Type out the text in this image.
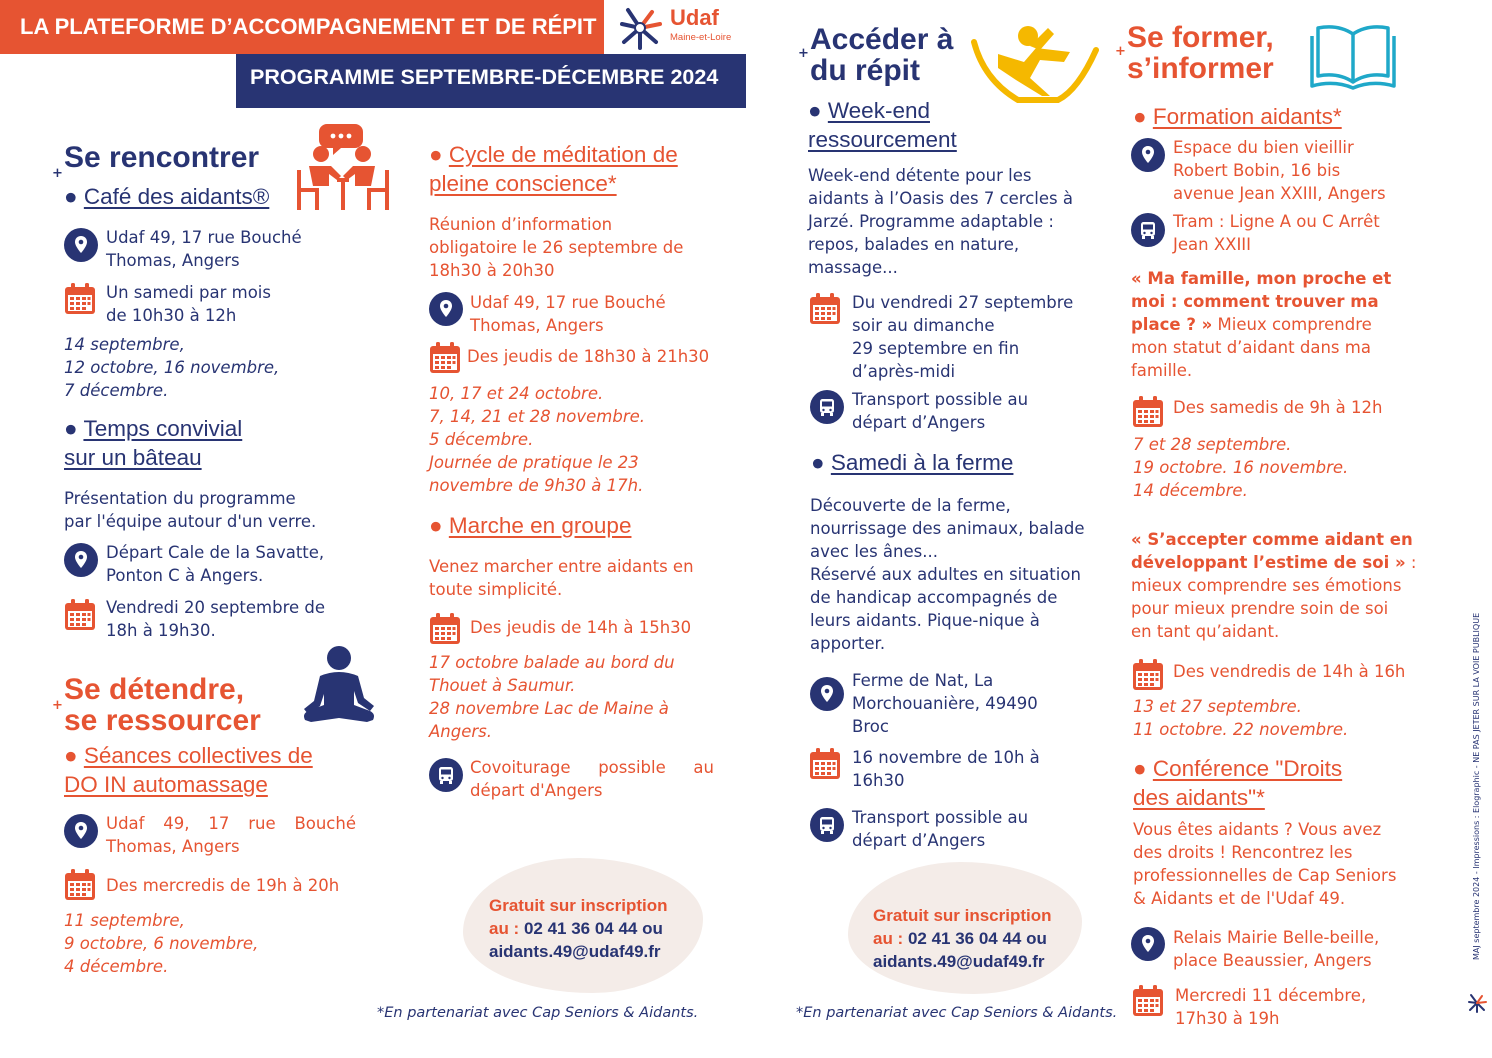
LA PLATEFORME D’ACCOMPAGNEMENT ET DE RÉPIT
PROGRAMME SEPTEMBRE-DÉCEMBRE 2024
Udaf
Maine-et-Loire
+ Se rencontrer
● Café des aidants®
Udaf 49, 17 rue Bouché
Thomas, Angers
Un samedi par mois
de 10h30 à 12h
14 septembre,
12 octobre, 16 novembre,
7 décembre.
● Temps convivial
sur un bâteau
Présentation du programme
par l'équipe autour d'un verre.
Départ Cale de la Savatte,
Ponton C à Angers.
Vendredi 20 septembre de
18h à 19h30.
+ Se détendre,
se ressourcer
● Séances collectives de
DO IN automassage
Udaf 49, 17 rue Bouché
Thomas, Angers
Des mercredis de 19h à 20h
11 septembre,
9 octobre, 6 novembre,
4 décembre.
● Cycle de méditation de
pleine conscience*
Réunion d’information
obligatoire le 26 septembre de
18h30 à 20h30
Udaf 49, 17 rue Bouché
Thomas, Angers
Des jeudis de 18h30 à 21h30
10, 17 et 24 octobre.
7, 14, 21 et 28 novembre.
5 décembre.
Journée de pratique le 23
novembre de 9h30 à 17h.
● Marche en groupe
Venez marcher entre aidants en
toute simplicité.
Des jeudis de 14h à 15h30
17 octobre balade au bord du
Thouet à Saumur.
28 novembre Lac de Maine à
Angers.
Covoiturage possible au
départ d'Angers
Gratuit sur inscription
au : 02 41 36 04 44 ou
aidants.49@udaf49.fr
*En partenariat avec Cap Seniors & Aidants.
+ Accéder à
du répit
● Week-end
ressourcement
Week-end détente pour les
aidants à l’Oasis des 7 cercles à
Jarzé. Programme adaptable :
repos, balades en nature,
massage...
Du vendredi 27 septembre
soir au dimanche
29 septembre en fin
d’après-midi
Transport possible au
départ d’Angers
● Samedi à la ferme
Découverte de la ferme,
nourrissage des animaux, balade
avec les ânes...
Réservé aux adultes en situation
de handicap accompagnés de
leurs aidants. Pique-nique à
apporter.
Ferme de Nat, La
Morchouanière, 49490
Broc
16 novembre de 10h à
16h30
Transport possible au
départ d’Angers
Gratuit sur inscription
au : 02 41 36 04 44 ou
aidants.49@udaf49.fr
*En partenariat avec Cap Seniors & Aidants.
+ Se former,
s’informer
● Formation aidants*
Espace du bien vieillir
Robert Bobin, 16 bis
avenue Jean XXIII, Angers
Tram : Ligne A ou C Arrêt
Jean XXIII
« Ma famille, mon proche et
moi : comment trouver ma
place ? » Mieux comprendre
mon statut d’aidant dans ma
famille.
Des samedis de 9h à 12h
7 et 28 septembre.
19 octobre. 16 novembre.
14 décembre.
« S’accepter comme aidant en
développant l’estime de soi » :
mieux comprendre ses émotions
pour mieux prendre soin de soi
en tant qu’aidant.
Des vendredis de 14h à 16h
13 et 27 septembre.
11 octobre. 22 novembre.
● Conférence "Droits
des aidants"*
Vous êtes aidants ? Vous avez
des droits ! Rencontrez les
professionnelles de Cap Seniors
& Aidants et de l'Udaf 49.
Relais Mairie Belle-beille,
place Beaussier, Angers
Mercredi 11 décembre,
17h30 à 19h
MAJ septembre 2024 - Impressions : Elographic - NE PAS JETER SUR LA VOIE PUBLIQUE
